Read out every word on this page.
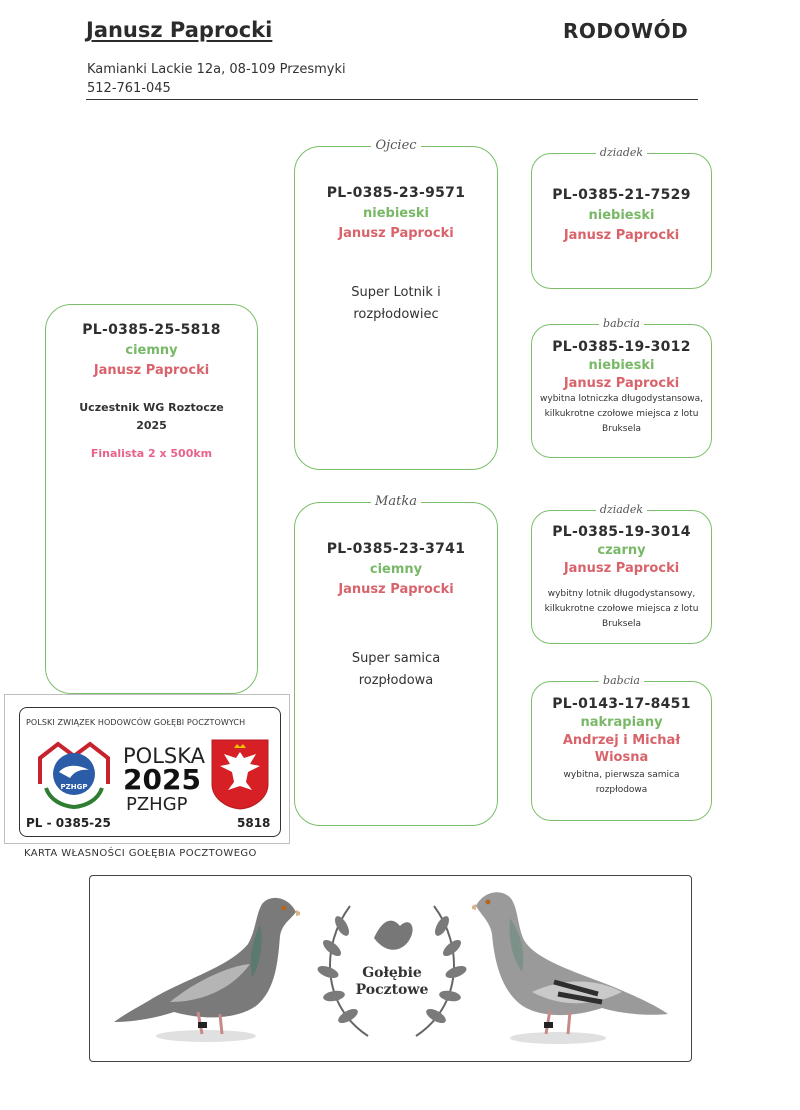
Janusz Paprocki	RODOWÓD
Kamianki Lackie 12a, 08-109 Przesmyki
512-761-045
PL-0385-25-5818
ciemny
Janusz Paprocki
Uczestnik WG Roztocze 2025
Finalista 2 x 500km
Ojciec
PL-0385-23-9571
niebieski
Janusz Paprocki
Super Lotnik i rozpłodowiec
dziadek
PL-0385-21-7529
niebieski
Janusz Paprocki
babcia
PL-0385-19-3012
niebieski
Janusz Paprocki
wybitna lotniczka długodystansowa, kilkukrotne czołowe miejsca z lotu Bruksela
Matka
PL-0385-23-3741
ciemny
Janusz Paprocki
Super samica rozpłodowa
dziadek
PL-0385-19-3014
czarny
Janusz Paprocki
wybitny lotnik długodystansowy, kilkukrotne czołowe miejsca z lotu Bruksela
babcia
PL-0143-17-8451
nakrapiany
Andrzej i Michał Wiosna
wybitna, pierwsza samica rozpłodowa
POLSKI ZWIĄZEK HODOWCÓW GOŁĘBI POCZTOWYCH
PZHGP
POLSKA
2025
PZHGP
PL - 0385-25	5818
KARTA WŁASNOŚCI GOŁĘBIA POCZTOWEGO
Gołębie
Pocztowe
